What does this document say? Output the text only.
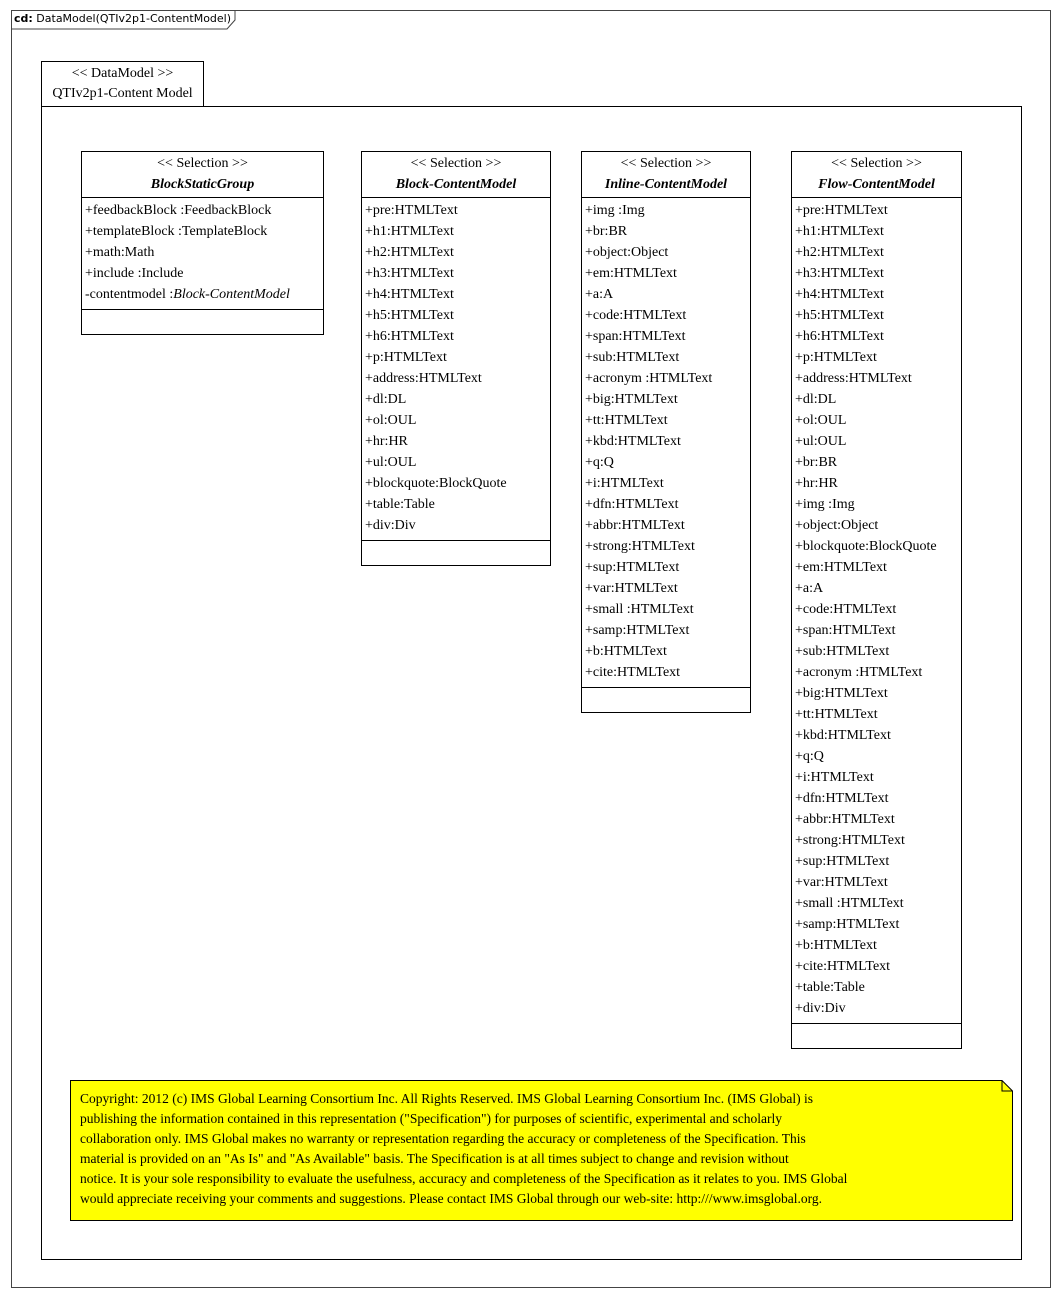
cd: DataModel(QTIv2p1-ContentModel)
<< DataModel >>
QTIv2p1-Content Model
<< Selection >>
BlockStaticGroup
+feedbackBlock :FeedbackBlock
+templateBlock :TemplateBlock
+math:Math
+include :Include
-contentmodel :Block-ContentModel
<< Selection >>
Block-ContentModel
+pre:HTMLText
+h1:HTMLText
+h2:HTMLText
+h3:HTMLText
+h4:HTMLText
+h5:HTMLText
+h6:HTMLText
+p:HTMLText
+address:HTMLText
+dl:DL
+ol:OUL
+hr:HR
+ul:OUL
+blockquote:BlockQuote
+table:Table
+div:Div
<< Selection >>
Inline-ContentModel
+img :Img
+br:BR
+object:Object
+em:HTMLText
+a:A
+code:HTMLText
+span:HTMLText
+sub:HTMLText
+acronym :HTMLText
+big:HTMLText
+tt:HTMLText
+kbd:HTMLText
+q:Q
+i:HTMLText
+dfn:HTMLText
+abbr:HTMLText
+strong:HTMLText
+sup:HTMLText
+var:HTMLText
+small :HTMLText
+samp:HTMLText
+b:HTMLText
+cite:HTMLText
<< Selection >>
Flow-ContentModel
+pre:HTMLText
+h1:HTMLText
+h2:HTMLText
+h3:HTMLText
+h4:HTMLText
+h5:HTMLText
+h6:HTMLText
+p:HTMLText
+address:HTMLText
+dl:DL
+ol:OUL
+ul:OUL
+br:BR
+hr:HR
+img :Img
+object:Object
+blockquote:BlockQuote
+em:HTMLText
+a:A
+code:HTMLText
+span:HTMLText
+sub:HTMLText
+acronym :HTMLText
+big:HTMLText
+tt:HTMLText
+kbd:HTMLText
+q:Q
+i:HTMLText
+dfn:HTMLText
+abbr:HTMLText
+strong:HTMLText
+sup:HTMLText
+var:HTMLText
+small :HTMLText
+samp:HTMLText
+b:HTMLText
+cite:HTMLText
+table:Table
+div:Div
Copyright: 2012 (c) IMS Global Learning Consortium Inc. All Rights Reserved. IMS Global Learning Consortium Inc. (IMS Global) is
publishing the information contained in this representation ("Specification") for purposes of scientific, experimental and scholarly
collaboration only. IMS Global makes no warranty or representation regarding the accuracy or completeness of the Specification. This
material is provided on an "As Is" and "As Available" basis. The Specification is at all times subject to change and revision without
notice. It is your sole responsibility to evaluate the usefulness, accuracy and completeness of the Specification as it relates to you. IMS Global
would appreciate receiving your comments and suggestions. Please contact IMS Global through our web-site: http:///www.imsglobal.org.
